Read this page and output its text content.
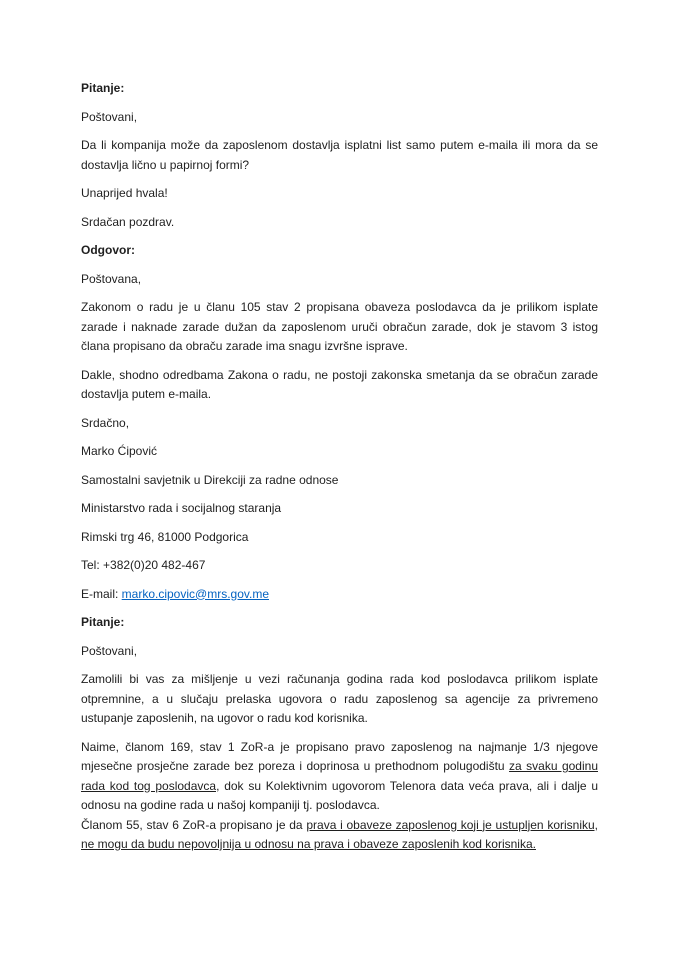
Pitanje:

Poštovani,

Da li kompanija može da zaposlenom dostavlja isplatni list samo putem e-maila ili mora da se dostavlja lično u papirnoj formi?

Unaprijed hvala!

Srdačan pozdrav.

Odgovor:

Poštovana,

Zakonom o radu je u članu 105 stav 2 propisana obaveza poslodavca da je prilikom isplate zarade i naknade zarade dužan da zaposlenom uruči obračun zarade, dok je stavom 3 istog člana propisano da obraču zarade ima snagu izvršne isprave.

Dakle, shodno odredbama Zakona o radu, ne postoji zakonska smetanja da se obračun zarade dostavlja putem e-maila.

Srdačno,

Marko Ćipović

Samostalni savjetnik u Direkciji za radne odnose

Ministarstvo rada i socijalnog staranja

Rimski trg 46, 81000 Podgorica

Tel: +382(0)20 482-467

E-mail: marko.cipovic@mrs.gov.me

Pitanje:

Poštovani,

Zamolili bi vas za mišljenje u vezi računanja godina rada kod poslodavca prilikom isplate otpremnine, a u slučaju prelaska ugovora o radu zaposlenog sa agencije za privremeno ustupanje zaposlenih, na ugovor o radu kod korisnika.

Naime, članom 169, stav 1 ZoR-a je propisano pravo zaposlenog na najmanje 1/3 njegove mjesečne prosječne zarade bez poreza i doprinosa u prethodnom polugodištu za svaku godinu rada kod tog poslodavca, dok su Kolektivnim ugovorom Telenora data veća prava, ali i dalje u odnosu na godine rada u našoj kompaniji tj. poslodavca.
Članom 55, stav 6 ZoR-a propisano je da prava i obaveze zaposlenog koji je ustupljen korisniku, ne mogu da budu nepovoljnija u odnosu na prava i obaveze zaposlenih kod korisnika.
